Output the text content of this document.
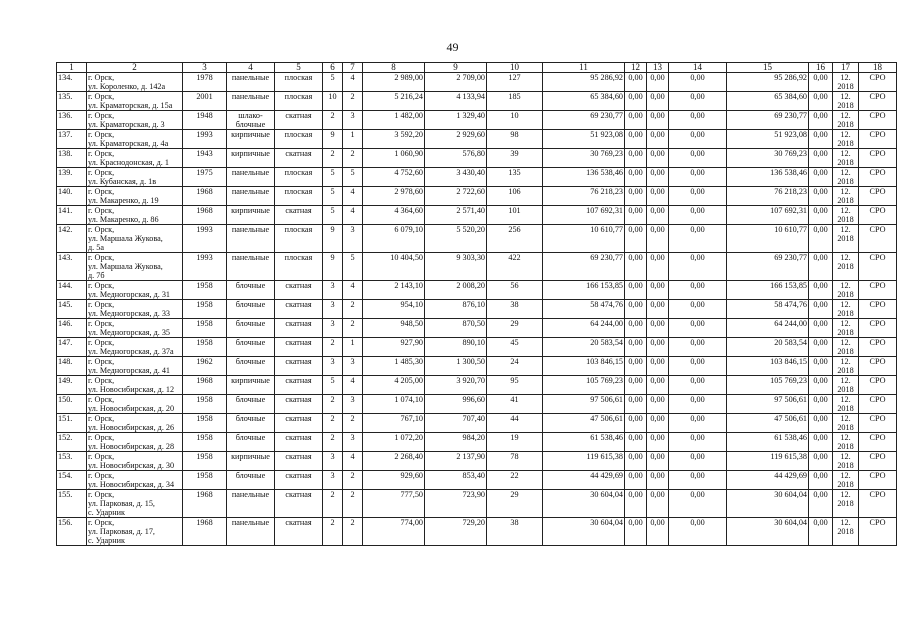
49
1	2	3	4	5	6	7	8	9	10	11	12	13	14	15	16	17	18
134.	г. Орск,
ул. Короленко, д. 142а	1978	панельные	плоская	5	4	2 989,00	2 709,00	127	95 286,92	0,00	0,00	0,00	95 286,92	0,00	12.
2018	СРО
135.	г. Орск,
ул. Краматорская, д. 15а	2001	панельные	плоская	10	2	5 216,24	4 133,94	185	65 384,60	0,00	0,00	0,00	65 384,60	0,00	12.
2018	СРО
136.	г. Орск,
ул. Краматорская, д. 3	1948	шлако-
блочные	скатная	2	3	1 482,00	1 329,40	10	69 230,77	0,00	0,00	0,00	69 230,77	0,00	12.
2018	СРО
137.	г. Орск,
ул. Краматорская, д. 4а	1993	кирпичные	плоская	9	1	3 592,20	2 929,60	98	51 923,08	0,00	0,00	0,00	51 923,08	0,00	12.
2018	СРО
138.	г. Орск,
ул. Краснодонская, д. 1	1943	кирпичные	скатная	2	2	1 060,90	576,80	39	30 769,23	0,00	0,00	0,00	30 769,23	0,00	12.
2018	СРО
139.	г. Орск,
ул. Кубанская, д. 1в	1975	панельные	плоская	5	5	4 752,60	3 430,40	135	136 538,46	0,00	0,00	0,00	136 538,46	0,00	12.
2018	СРО
140.	г. Орск,
ул. Макаренко, д. 19	1968	панельные	плоская	5	4	2 978,60	2 722,60	106	76 218,23	0,00	0,00	0,00	76 218,23	0,00	12.
2018	СРО
141.	г. Орск,
ул. Макаренко, д. 86	1968	кирпичные	скатная	5	4	4 364,60	2 571,40	101	107 692,31	0,00	0,00	0,00	107 692,31	0,00	12.
2018	СРО
142.	г. Орск,
ул. Маршала Жукова,
д. 5а	1993	панельные	плоская	9	3	6 079,10	5 520,20	256	10 610,77	0,00	0,00	0,00	10 610,77	0,00	12.
2018	СРО
143.	г. Орск,
ул. Маршала Жукова,
д. 7б	1993	панельные	плоская	9	5	10 404,50	9 303,30	422	69 230,77	0,00	0,00	0,00	69 230,77	0,00	12.
2018	СРО
144.	г. Орск,
ул. Медногорская, д. 31	1958	блочные	скатная	3	4	2 143,10	2 008,20	56	166 153,85	0,00	0,00	0,00	166 153,85	0,00	12.
2018	СРО
145.	г. Орск,
ул. Медногорская, д. 33	1958	блочные	скатная	3	2	954,10	876,10	38	58 474,76	0,00	0,00	0,00	58 474,76	0,00	12.
2018	СРО
146.	г. Орск,
ул. Медногорская, д. 35	1958	блочные	скатная	3	2	948,50	870,50	29	64 244,00	0,00	0,00	0,00	64 244,00	0,00	12.
2018	СРО
147.	г. Орск,
ул. Медногорская, д. 37а	1958	блочные	скатная	2	1	927,90	890,10	45	20 583,54	0,00	0,00	0,00	20 583,54	0,00	12.
2018	СРО
148.	г. Орск,
ул. Медногорская, д. 41	1962	блочные	скатная	3	3	1 485,30	1 300,50	24	103 846,15	0,00	0,00	0,00	103 846,15	0,00	12.
2018	СРО
149.	г. Орск,
ул. Новосибирская, д. 12	1968	кирпичные	скатная	5	4	4 205,00	3 920,70	95	105 769,23	0,00	0,00	0,00	105 769,23	0,00	12.
2018	СРО
150.	г. Орск,
ул. Новосибирская, д. 20	1958	блочные	скатная	2	3	1 074,10	996,60	41	97 506,61	0,00	0,00	0,00	97 506,61	0,00	12.
2018	СРО
151.	г. Орск,
ул. Новосибирская, д. 26	1958	блочные	скатная	2	2	767,10	707,40	44	47 506,61	0,00	0,00	0,00	47 506,61	0,00	12.
2018	СРО
152.	г. Орск,
ул. Новосибирская, д. 28	1958	блочные	скатная	2	3	1 072,20	984,20	19	61 538,46	0,00	0,00	0,00	61 538,46	0,00	12.
2018	СРО
153.	г. Орск,
ул. Новосибирская, д. 30	1958	кирпичные	скатная	3	4	2 268,40	2 137,90	78	119 615,38	0,00	0,00	0,00	119 615,38	0,00	12.
2018	СРО
154.	г. Орск,
ул. Новосибирская, д. 34	1958	блочные	скатная	3	2	929,60	853,40	22	44 429,69	0,00	0,00	0,00	44 429,69	0,00	12.
2018	СРО
155.	г. Орск,
ул. Парковая, д. 15,
с. Ударник	1968	панельные	скатная	2	2	777,50	723,90	29	30 604,04	0,00	0,00	0,00	30 604,04	0,00	12.
2018	СРО
156.	г. Орск,
ул. Парковая, д. 17,
с. Ударник	1968	панельные	скатная	2	2	774,00	729,20	38	30 604,04	0,00	0,00	0,00	30 604,04	0,00	12.
2018	СРО
